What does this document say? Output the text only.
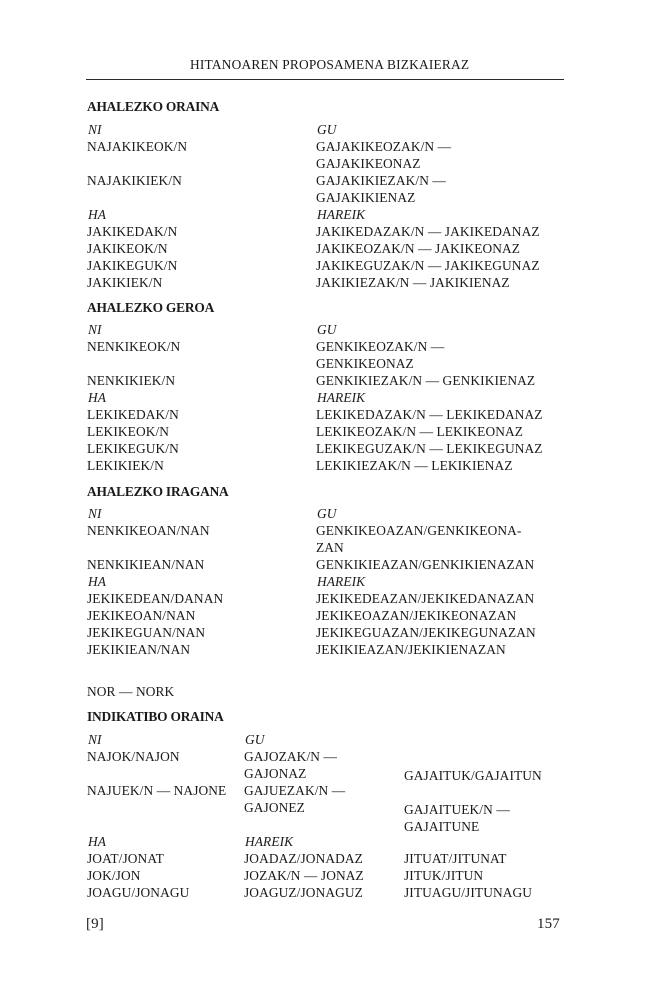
HITANOAREN PROPOSAMENA BIZKAIERAZ
AHALEZKO ORAINA
NI
NAJAKIKEOK/N
NAJAKIKIEK/N
HA
JAKIKEDAK/N
JAKIKEOK/N
JAKIKEGUK/N
JAKIKIEK/N
GU
GAJAKIKEOZAK/N —
GAJAKIKEONAZ
GAJAKIKIEZAK/N —
GAJAKIKIENAZ
HAREIK
JAKIKEDAZAK/N — JAKIKEDANAZ
JAKIKEOZAK/N — JAKIKEONAZ
JAKIKEGUZAK/N — JAKIKEGUNAZ
JAKIKIEZAK/N — JAKIKIENAZ
AHALEZKO GEROA
NI
NENKIKEOK/N
NENKIKIEK/N
HA
LEKIKEDAK/N
LEKIKEOK/N
LEKIKEGUK/N
LEKIKIEK/N
GU
GENKIKEOZAK/N —
GENKIKEONAZ
GENKIKIEZAK/N — GENKIKIENAZ
HAREIK
LEKIKEDAZAK/N — LEKIKEDANAZ
LEKIKEOZAK/N — LEKIKEONAZ
LEKIKEGUZAK/N — LEKIKEGUNAZ
LEKIKIEZAK/N — LEKIKIENAZ
AHALEZKO IRAGANA
NI
NENKIKEOAN/NAN
NENKIKIEAN/NAN
HA
JEKIKEDEAN/DANAN
JEKIKEOAN/NAN
JEKIKEGUAN/NAN
JEKIKIEAN/NAN
GU
GENKIKEOAZAN/GENKIKEONA-
ZAN
GENKIKIEAZAN/GENKIKIENAZAN
HAREIK
JEKIKEDEAZAN/JEKIKEDANAZAN
JEKIKEOAZAN/JEKIKEONAZAN
JEKIKEGUAZAN/JEKIKEGUNAZAN
JEKIKIEAZAN/JEKIKIENAZAN
NOR — NORK
INDIKATIBO ORAINA
NI
NAJOK/NAJON
NAJUEK/N — NAJONE
HA
JOAT/JONAT
JOK/JON
JOAGU/JONAGU
GU
GAJOZAK/N —
GAJONAZ
GAJUEZAK/N —
GAJONEZ
HAREIK
JOADAZ/JONADAZ
JOZAK/N — JONAZ
JOAGUZ/JONAGUZ
GAJAITUK/GAJAITUN
GAJAITUEK/N —
GAJAITUNE
JITUAT/JITUNAT
JITUK/JITUN
JITUAGU/JITUNAGU
[9]	157
